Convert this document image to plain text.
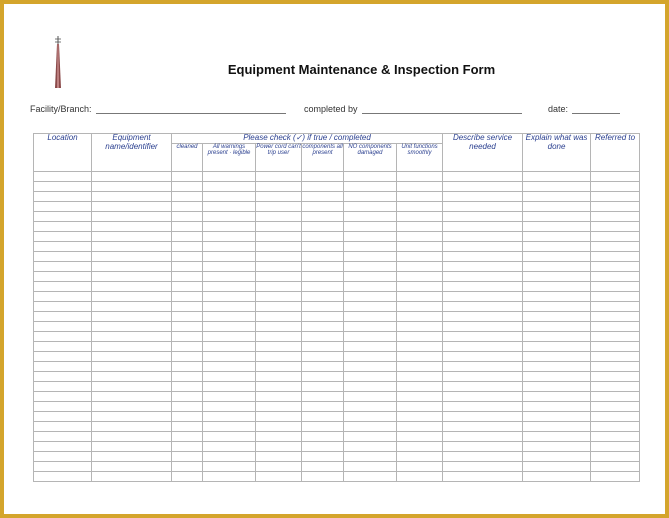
Equipment Maintenance & Inspection Form
Facility/Branch:	completed by	date:
Location	Equipment name/identifier	Please check (✓) if true / completed						Describe service needed	Explain what was done	Referred to
		cleaned	All warnings present · legible	Power cord can't trip user	components all present	NO components damaged	Unit functions smoothly			
